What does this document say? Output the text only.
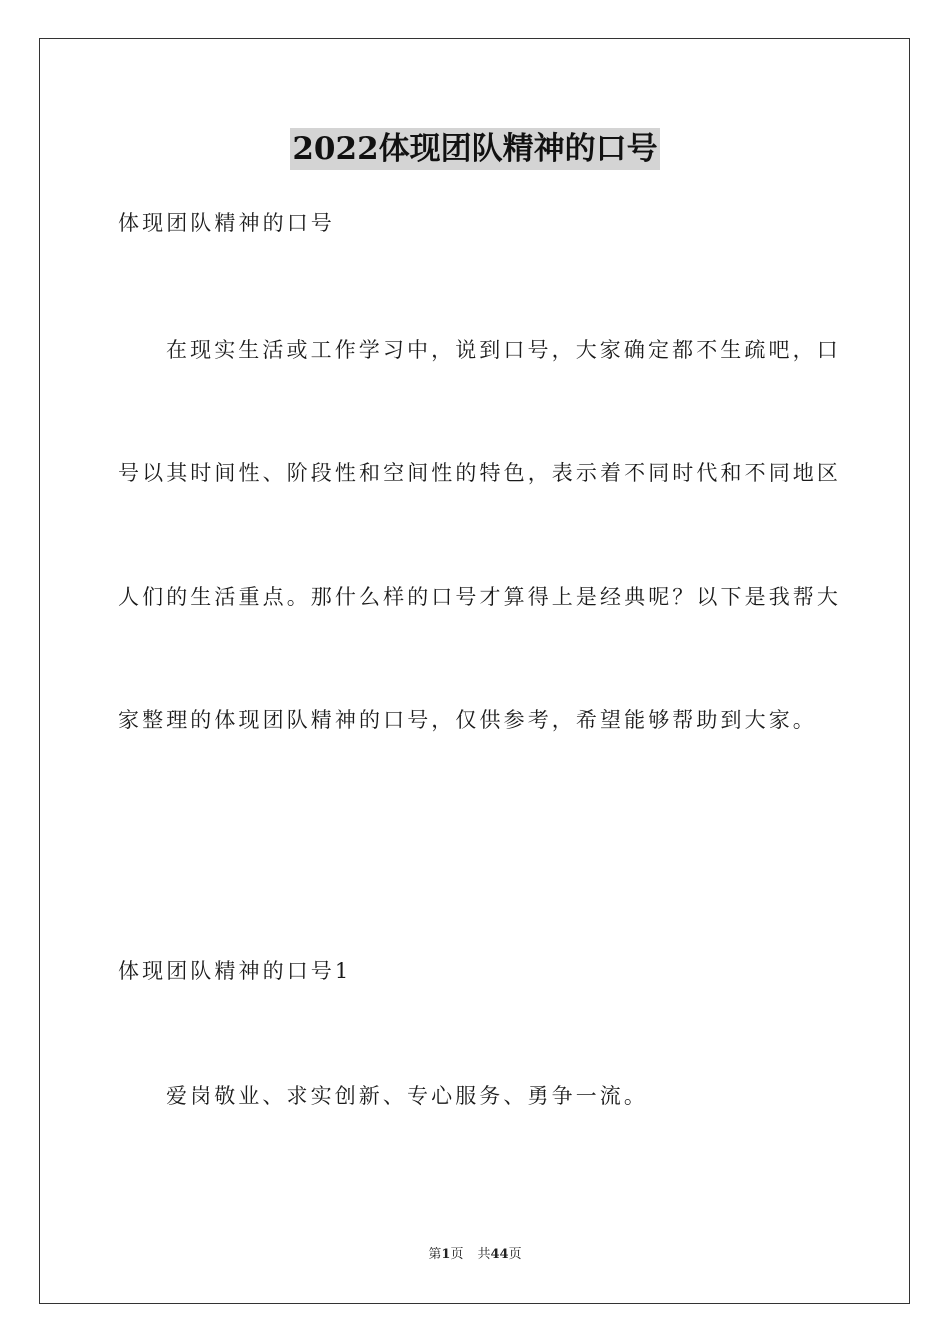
2022体现团队精神的口号
体现团队精神的口号
在现实生活或工作学习中，说到口号，大家确定都不生疏吧，口
号以其时间性、阶段性和空间性的特色，表示着不同时代和不同地区
人们的生活重点。那什么样的口号才算得上是经典呢？以下是我帮大
家整理的体现团队精神的口号，仅供参考，希望能够帮助到大家。
体现团队精神的口号1
爱岗敬业、求实创新、专心服务、勇争一流。
第1页 共44页
